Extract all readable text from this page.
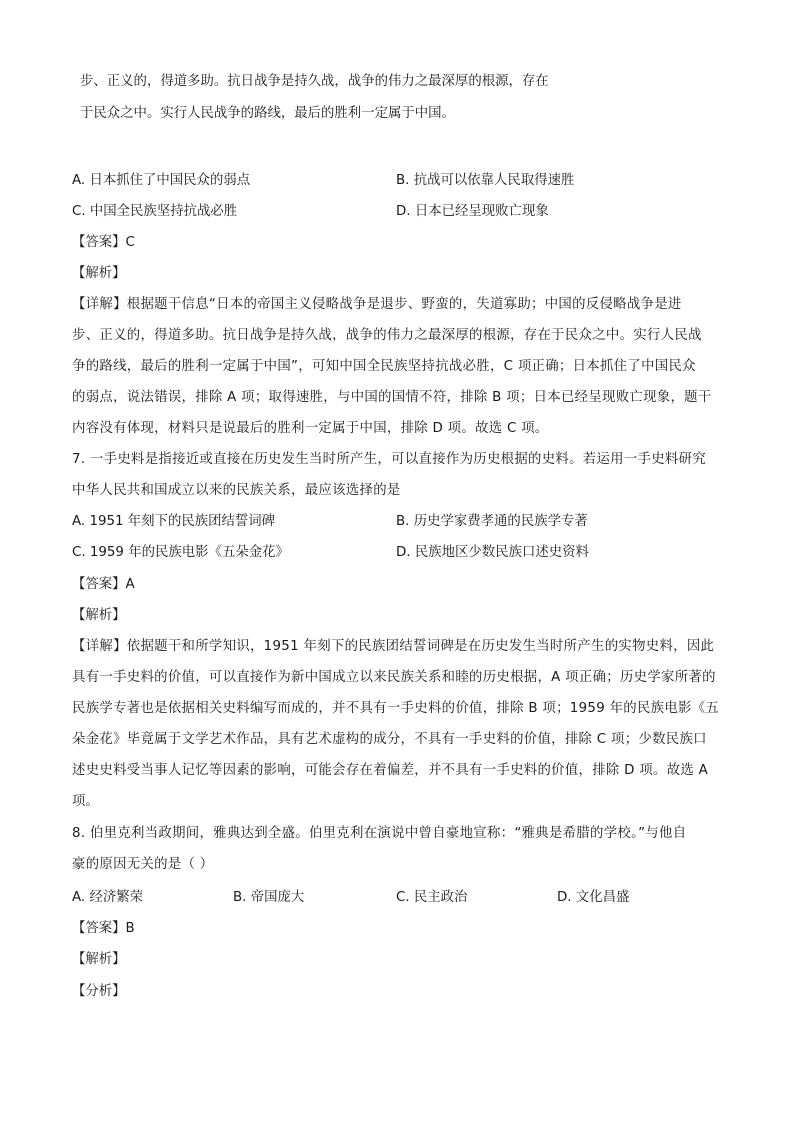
步、正义的，得道多助。抗日战争是持久战，战争的伟力之最深厚的根源，存在
于民众之中。实行人民战争的路线，最后的胜利一定属于中国。
A. 日本抓住了中国民众的弱点	B. 抗战可以依靠人民取得速胜
C. 中国全民族坚持抗战必胜	D. 日本已经呈现败亡现象
【答案】C
【解析】
【详解】根据题干信息“日本的帝国主义侵略战争是退步、野蛮的，失道寡助；中国的反侵略战争是进
步、正义的，得道多助。抗日战争是持久战，战争的伟力之最深厚的根源，存在于民众之中。实行人民战
争的路线，最后的胜利一定属于中国”，可知中国全民族坚持抗战必胜，C 项正确；日本抓住了中国民众
的弱点，说法错误，排除 A 项；取得速胜，与中国的国情不符，排除 B 项；日本已经呈现败亡现象，题干
内容没有体现，材料只是说最后的胜利一定属于中国，排除 D 项。故选 C 项。
7. 一手史料是指接近或直接在历史发生当时所产生，可以直接作为历史根据的史料。若运用一手史料研究
中华人民共和国成立以来的民族关系，最应该选择的是
A. 1951 年刻下的民族团结誓词碑	B. 历史学家费孝通的民族学专著
C. 1959 年的民族电影《五朵金花》	D. 民族地区少数民族口述史资料
【答案】A
【解析】
【详解】依据题干和所学知识，1951 年刻下的民族团结誓词碑是在历史发生当时所产生的实物史料，因此
具有一手史料的价值，可以直接作为新中国成立以来民族关系和睦的历史根据，A 项正确；历史学家所著的
民族学专著也是依据相关史料编写而成的，并不具有一手史料的价值，排除 B 项；1959 年的民族电影《五
朵金花》毕竟属于文学艺术作品，具有艺术虚构的成分，不具有一手史料的价值，排除 C 项；少数民族口
述史史料受当事人记忆等因素的影响，可能会存在着偏差，并不具有一手史料的价值，排除 D 项。故选 A
项。
8. 伯里克利当政期间，雅典达到全盛。伯里克利在演说中曾自豪地宣称：“雅典是希腊的学校。”与他自
豪的原因无关的是（ ）
A. 经济繁荣	B. 帝国庞大	C. 民主政治	D. 文化昌盛
【答案】B
【解析】
【分析】
